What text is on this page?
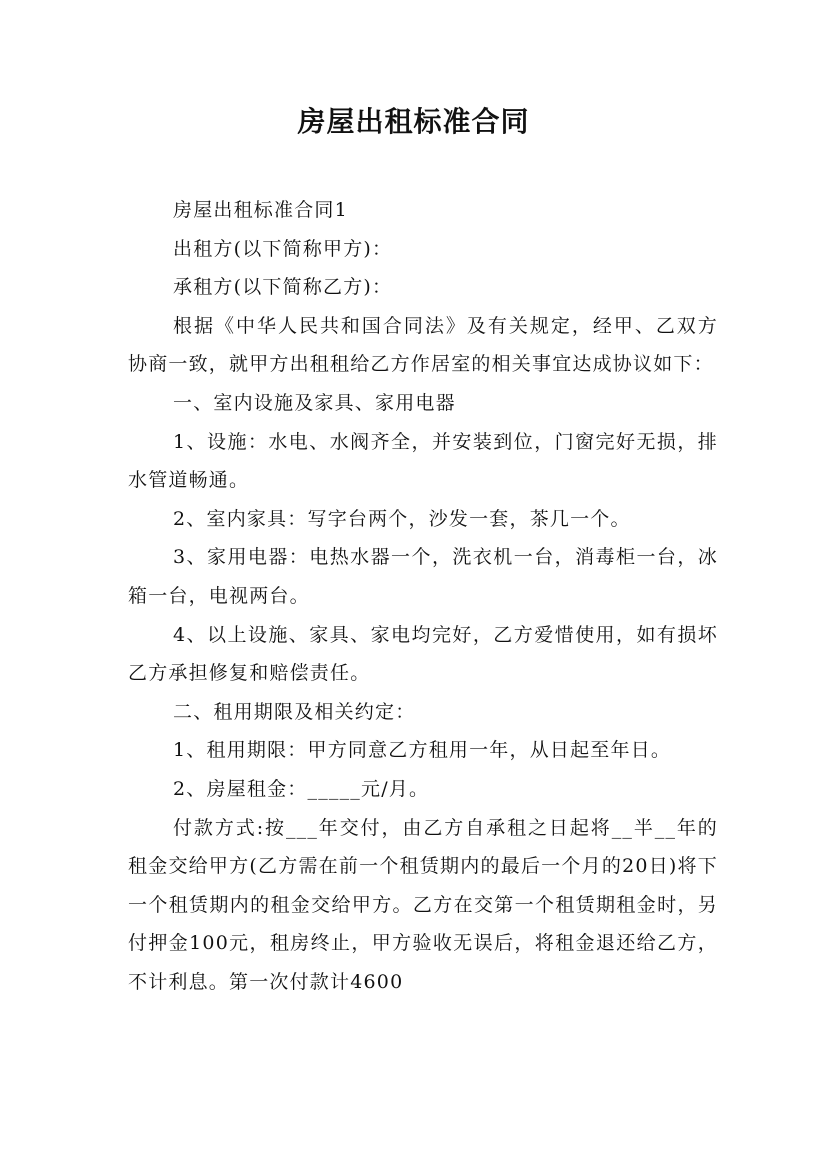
房屋出租标准合同

房屋出租标准合同1

出租方(以下简称甲方)：

承租方(以下简称乙方)：

根据《中华人民共和国合同法》及有关规定，经甲、乙双方协商一致，就甲方出租租给乙方作居室的相关事宜达成协议如下：

一、室内设施及家具、家用电器

1、设施：水电、水阀齐全，并安装到位，门窗完好无损，排水管道畅通。

2、室内家具：写字台两个，沙发一套，茶几一个。

3、家用电器：电热水器一个，洗衣机一台，消毒柜一台，冰箱一台，电视两台。

4、以上设施、家具、家电均完好，乙方爱惜使用，如有损坏乙方承担修复和赔偿责任。

二、租用期限及相关约定：

1、租用期限：甲方同意乙方租用一年，从日起至年日。

2、房屋租金：_____元/月。

付款方式:按___年交付，由乙方自承租之日起将__半__年的租金交给甲方(乙方需在前一个租赁期内的最后一个月的20日)将下一个租赁期内的租金交给甲方。乙方在交第一个租赁期租金时，另付押金100元，租房终止，甲方验收无误后，将租金退还给乙方，不计利息。第一次付款计4600
